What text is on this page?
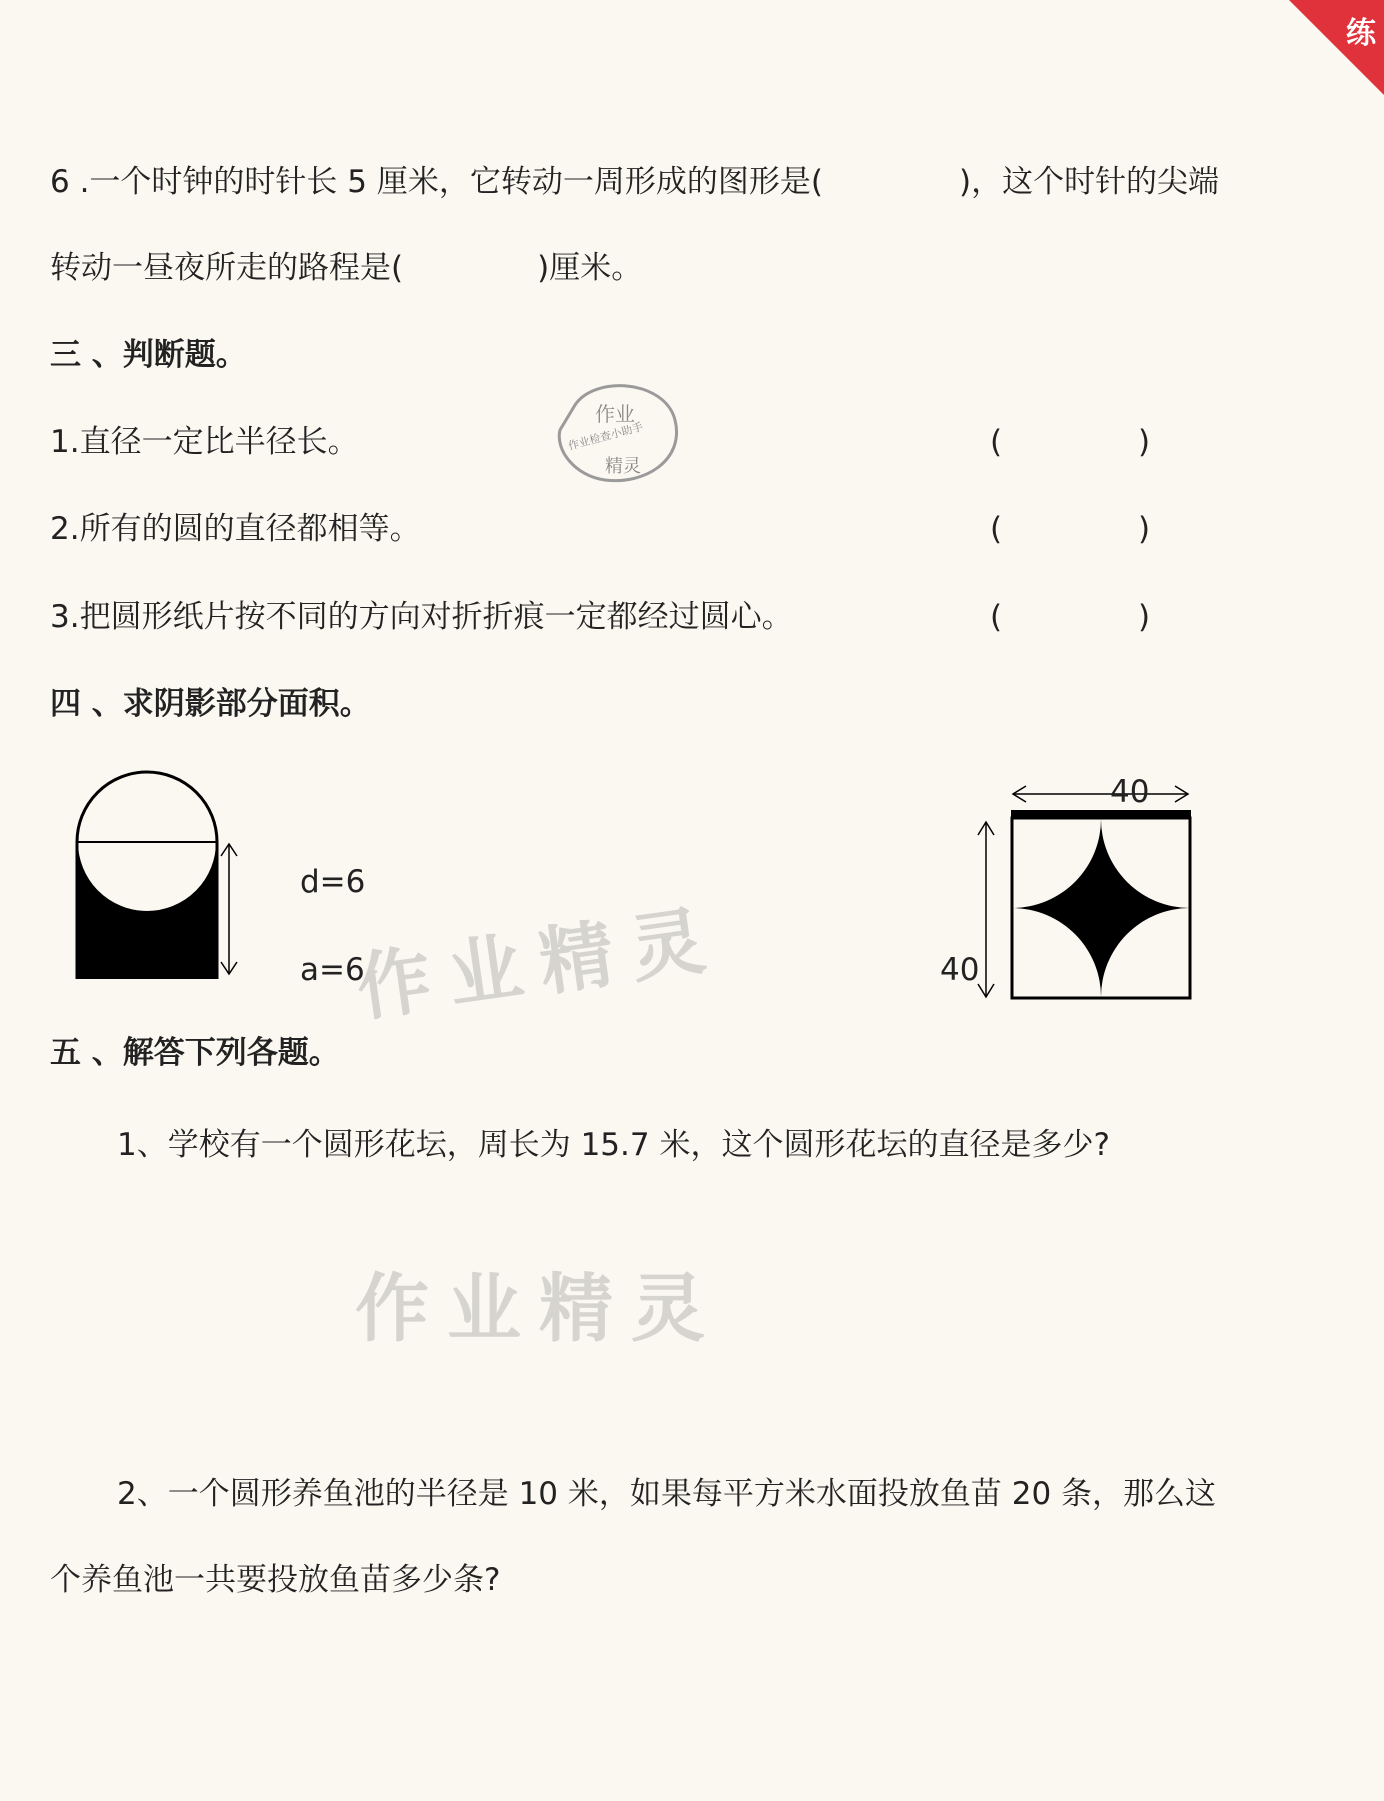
练
6 .一个时钟的时针长 5 厘米，它转动一周形成的图形是(	)，这个时针的尖端
转动一昼夜所走的路程是(	)厘米。
三 、判断题。
1.直径一定比半径长。	(	)
2.所有的圆的直径都相等。	(	)
3.把圆形纸片按不同的方向对折折痕一定都经过圆心。	(	)
作业
作业检查小助手
精灵
四 、求阴影部分面积。
d=6
a=6
40
40
作业精灵
作业精灵
五 、解答下列各题。
1、学校有一个圆形花坛，周长为 15.7 米，这个圆形花坛的直径是多少?
2、一个圆形养鱼池的半径是 10 米，如果每平方米水面投放鱼苗 20 条，那么这
个养鱼池一共要投放鱼苗多少条?
